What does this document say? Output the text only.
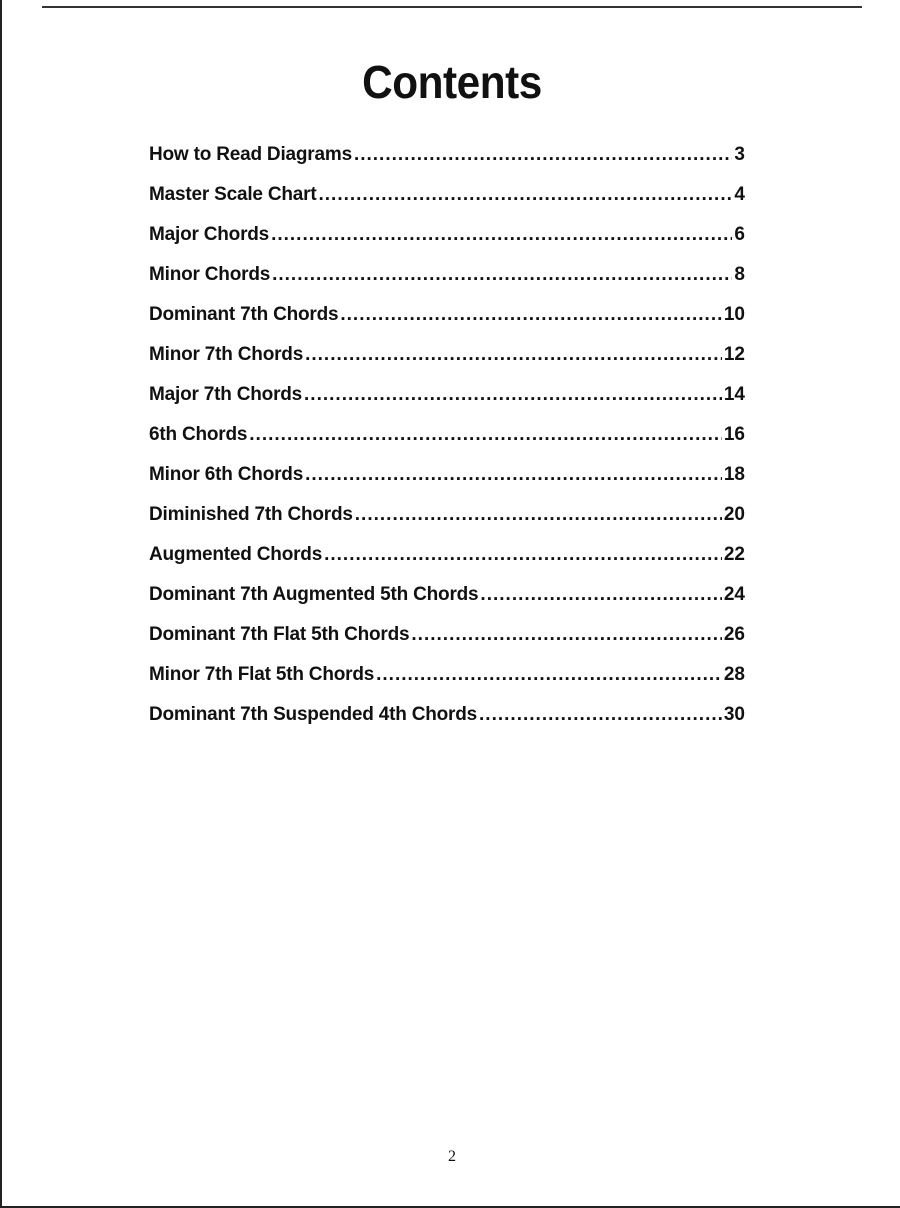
Contents
How to Read Diagrams .....	3
Master Scale Chart .....	4
Major Chords .....	6
Minor Chords .....	8
Dominant 7th Chords .....	10
Minor 7th Chords .....	12
Major 7th Chords .....	14
6th Chords .....	16
Minor 6th Chords .....	18
Diminished 7th Chords .....	20
Augmented Chords .....	22
Dominant 7th Augmented 5th Chords .....	24
Dominant 7th Flat 5th Chords .....	26
Minor 7th Flat 5th Chords .....	28
Dominant 7th Suspended 4th Chords .....	30
2
